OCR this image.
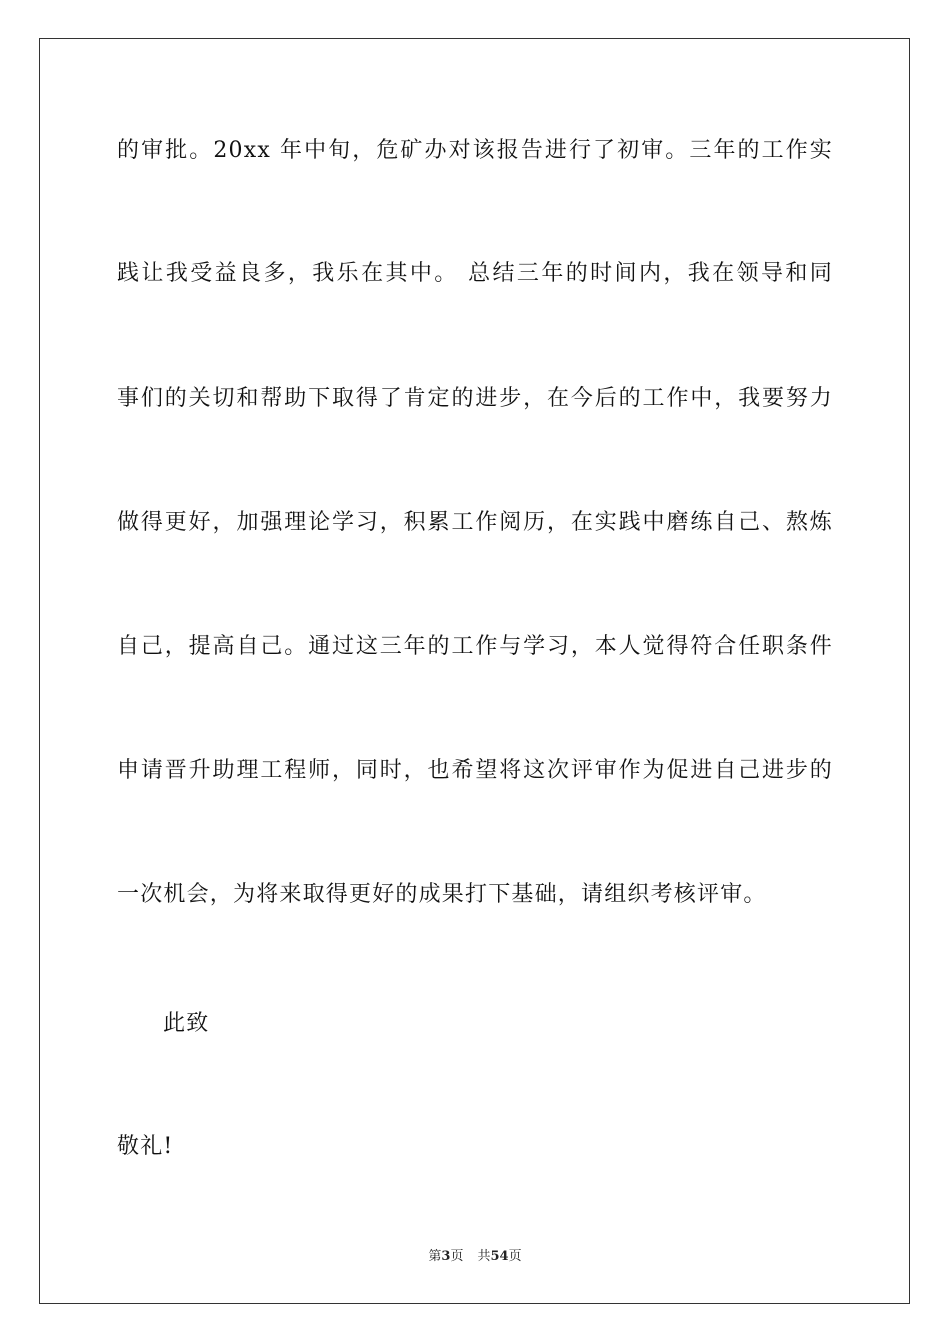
的审批。20xx 年中旬，危矿办对该报告进行了初审。三年的工作实
践让我受益良多，我乐在其中。 总结三年的时间内，我在领导和同
事们的关切和帮助下取得了肯定的进步，在今后的工作中，我要努力
做得更好，加强理论学习，积累工作阅历，在实践中磨练自己、熬炼
自己，提高自己。通过这三年的工作与学习，本人觉得符合任职条件
申请晋升助理工程师，同时，也希望将这次评审作为促进自己进步的
一次机会，为将来取得更好的成果打下基础，请组织考核评审。
此致
敬礼!
第3页 共54页
